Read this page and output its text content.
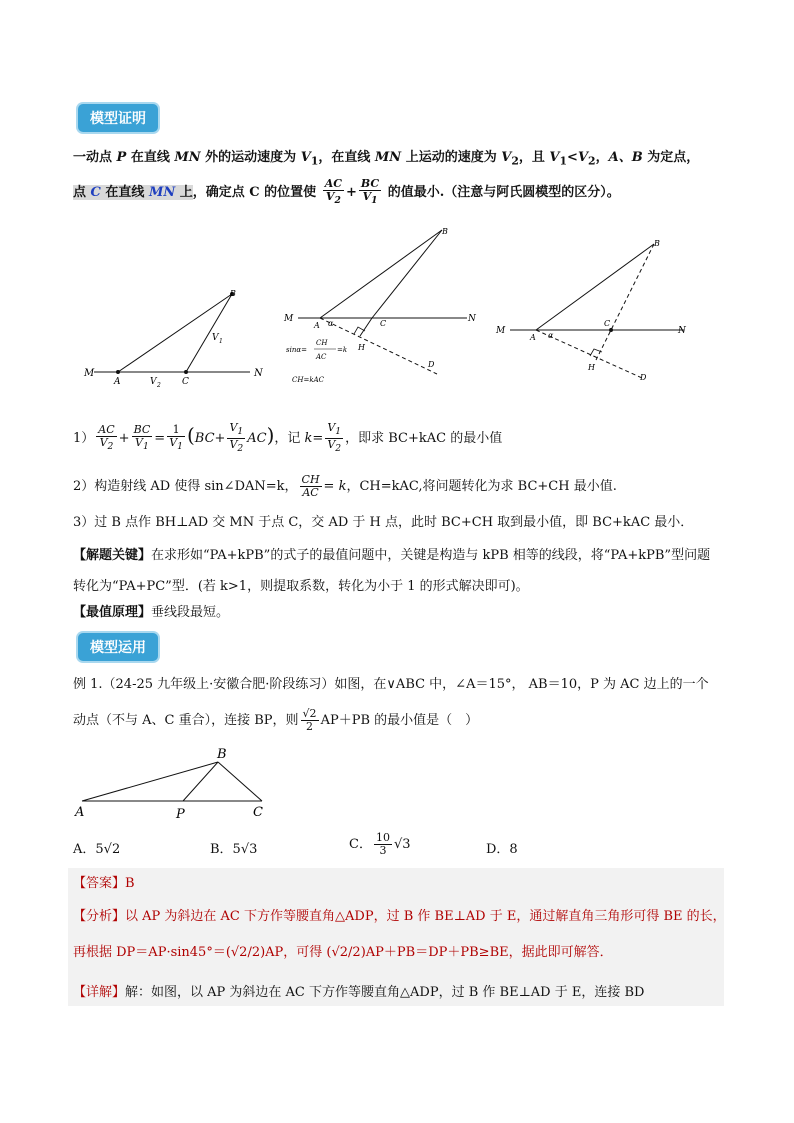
模型证明
一动点 P 在直线 MN 外的运动速度为 $V_1$，在直线 MN 上运动的速度为 $V_2$，且 $V_1<V_2$，A、B 为定点，
点 C 在直线 MN 上，确定点 C 的位置使 $\frac{AC}{V_2} + \frac{BC}{V_1}$ 的值最小.（注意与阿氏圆模型的区分）。
M	N
A	C
B
V 1
V 2
M	N
A α	C
B
H
D
sinα=
CH
AC
=k
CH=kAC
M	N
A α
C
B
H
D
$1) \frac{AC}{V_2} + \frac{BC}{V_1} = \frac{1}{V_1} (BC+ \frac{V_1}{V_2} AC)$，记 $k= \frac{V_1}{V_2}$ ，即求 BC+kAC 的最小值
2）构造射线 AD 使得 sin∠DAN=k， $\frac{CH}{AC} = k$，CH=kAC,将问题转化为求 BC+CH 最小值.
3）过 B 点作 BH⊥AD 交 MN 于点 C，交 AD 于 H 点，此时 BC+CH 取到最小值，即 BC+kAC 最小．
【解题关键】在求形如“PA+kPB”的式子的最值问题中，关键是构造与 kPB 相等的线段，将“PA+kPB”型问题
转化为“PA+PC”型．(若 k>1，则提取系数，转化为小于 1 的形式解决即可)。
【最值原理】垂线段最短。
模型运用
例 1.（24-25 九年级上·安徽合肥·阶段练习）如图，在∨ABC 中，∠A＝15°， AB＝10，P 为 AC 边上的一个
动点（不与 A、C 重合），连接 BP，则 $\frac{√2}{2} AP+PB$ 的最小值是（　）
A
B
C
P
A．5√2	B．5√3	C． $\frac{10}{3} √3$	D．8
【答案】B
【分析】以 AP 为斜边在 AC 下方作等腰直角△ADP，过 B 作 BE⊥AD 于 E，通过解直角三角形可得 BE 的长，
再根据 DP＝AP·sin45°＝(√2/2)AP，可得 (√2/2)AP＋PB＝DP＋PB≥BE，据此即可解答．
【详解】解：如图，以 AP 为斜边在 AC 下方作等腰直角△ADP，过 B 作 BE⊥AD 于 E，连接 BD
